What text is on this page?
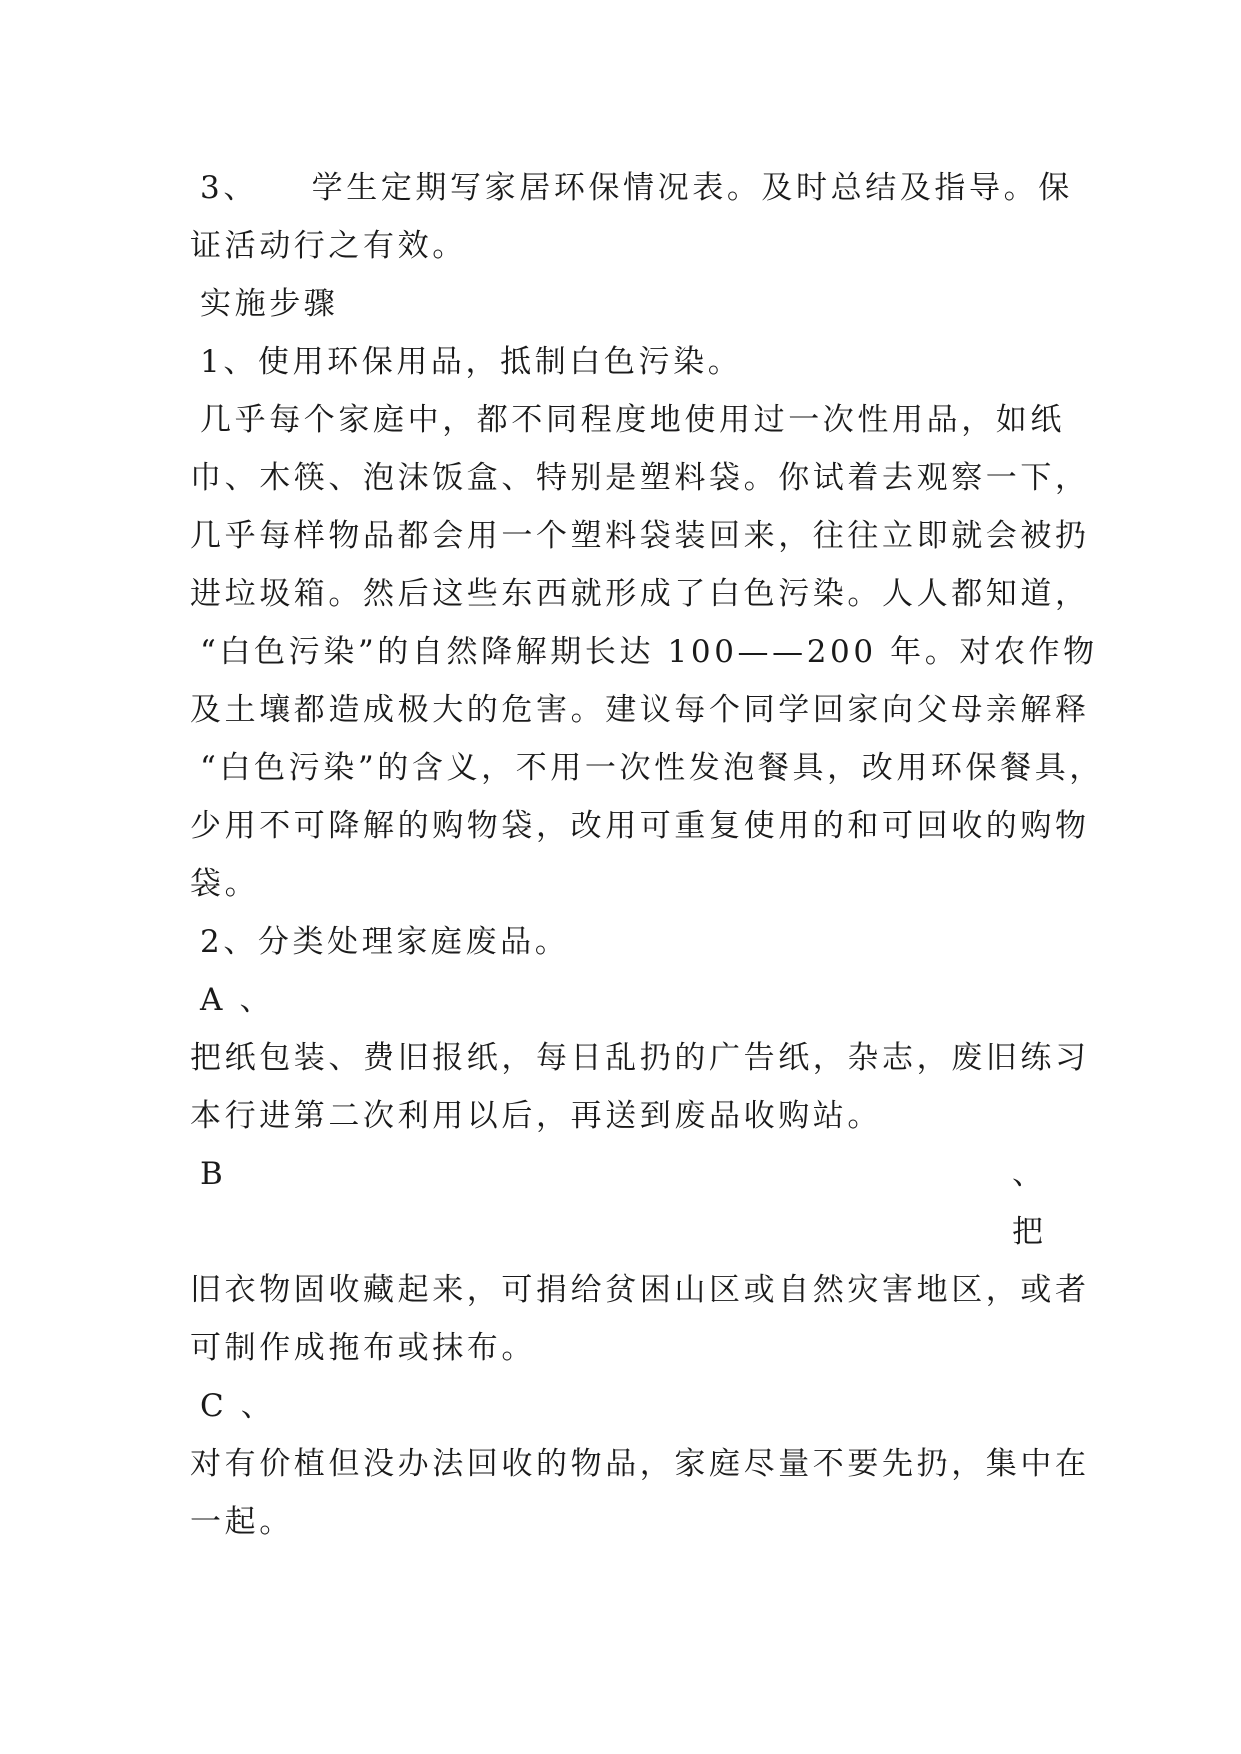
3、　　学生定期写家居环保情况表。及时总结及指导。保
证活动行之有效。
实施步骤
1、使用环保用品，抵制白色污染。
几乎每个家庭中，都不同程度地使用过一次性用品，如纸
巾、木筷、泡沫饭盒、特别是塑料袋。你试着去观察一下，
几乎每样物品都会用一个塑料袋装回来，往往立即就会被扔
进垃圾箱。然后这些东西就形成了白色污染。人人都知道，
“白色污染”的自然降解期长达 100——200 年。对农作物
及土壤都造成极大的危害。建议每个同学回家向父母亲解释
“白色污染”的含义，不用一次性发泡餐具，改用环保餐具，
少用不可降解的购物袋，改用可重复使用的和可回收的购物
袋。
2、分类处理家庭废品。
A 、
把纸包装、费旧报纸，每日乱扔的广告纸，杂志，废旧练习
本行进第二次利用以后，再送到废品收购站。
B	、
把
旧衣物固收藏起来，可捐给贫困山区或自然灾害地区，或者
可制作成拖布或抹布。
C 、
对有价植但没办法回收的物品，家庭尽量不要先扔，集中在
一起。
